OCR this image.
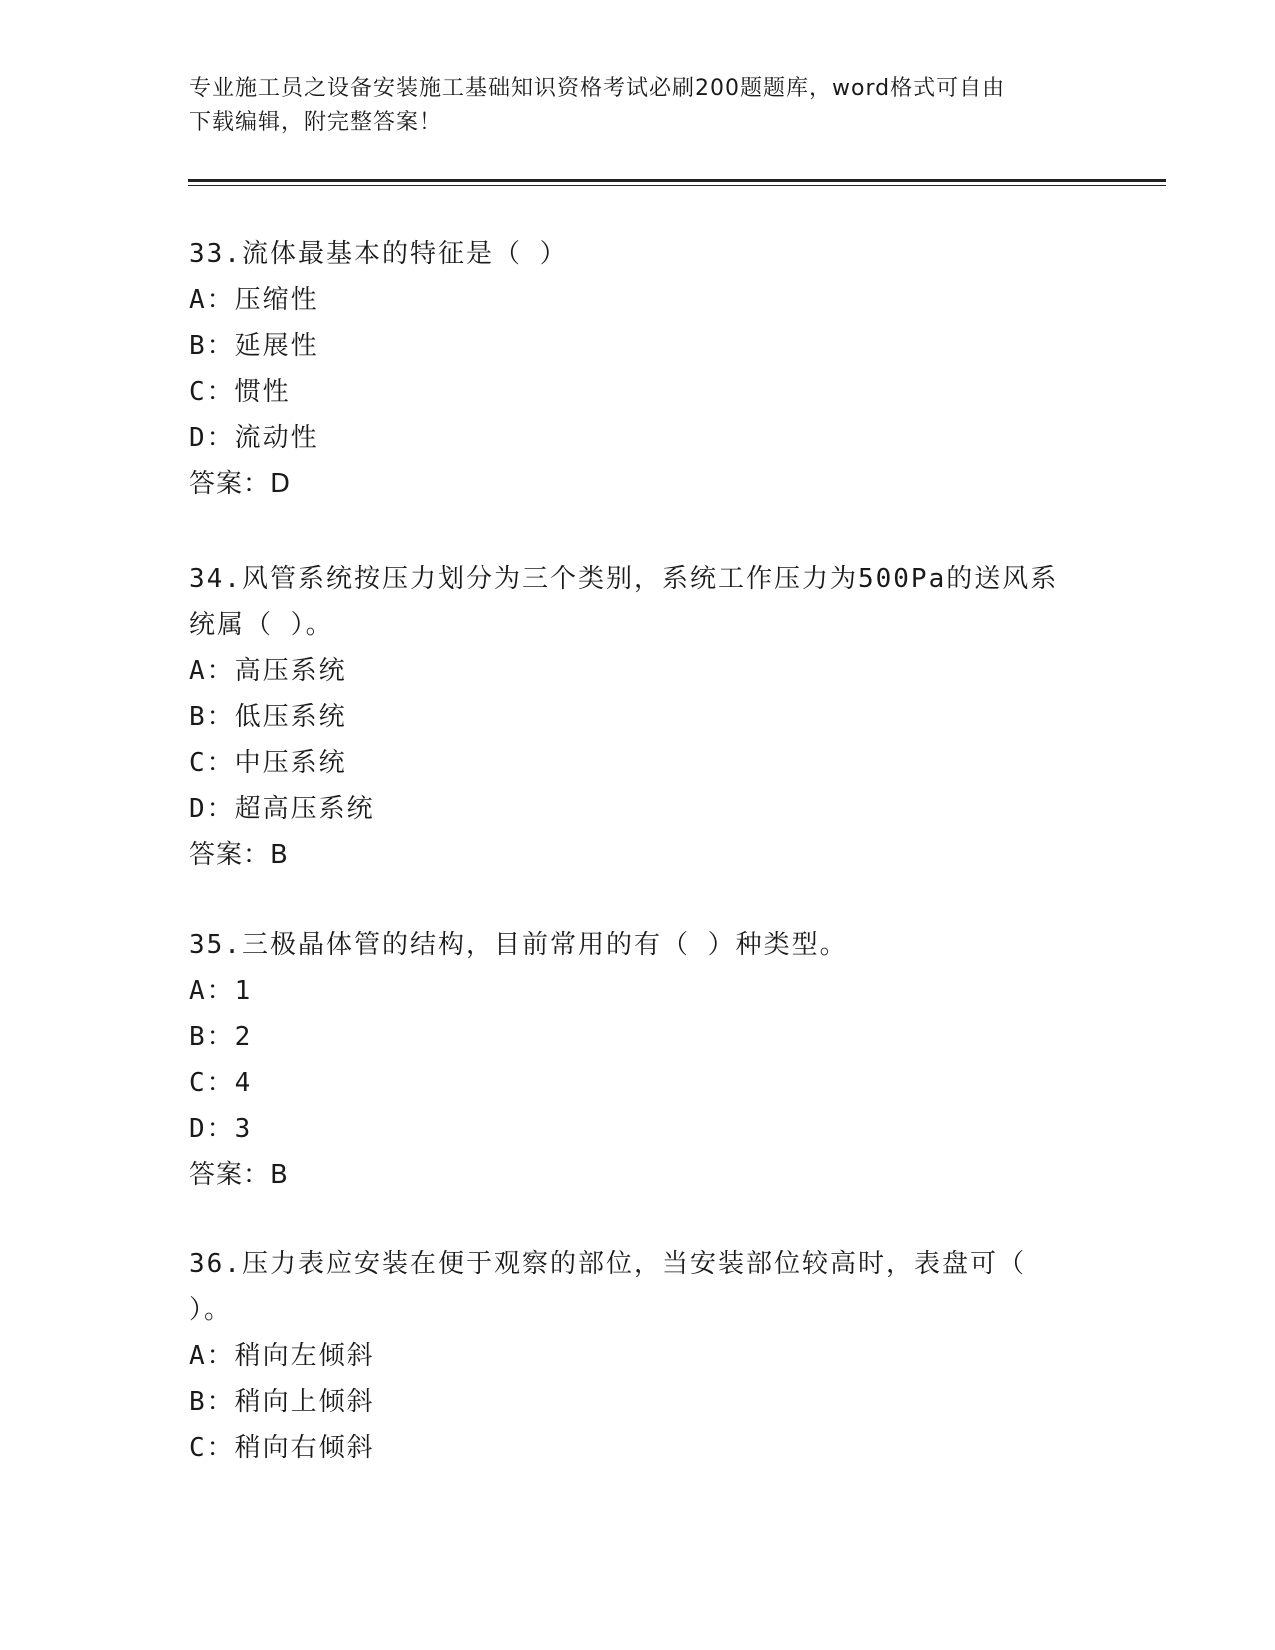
专业施工员之设备安装施工基础知识资格考试必刷200题题库，word格式可自由
下载编辑，附完整答案！
33.流体最基本的特征是（ ）
A：压缩性
B：延展性
C：惯性
D：流动性
答案：D
34.风管系统按压力划分为三个类别，系统工作压力为500Pa的送风系
统属（ ）。
A：高压系统
B：低压系统
C：中压系统
D：超高压系统
答案：B
35.三极晶体管的结构，目前常用的有（ ）种类型。
A：1
B：2
C：4
D：3
答案：B
36.压力表应安装在便于观察的部位，当安装部位较高时，表盘可（
）。
A：稍向左倾斜
B：稍向上倾斜
C：稍向右倾斜
